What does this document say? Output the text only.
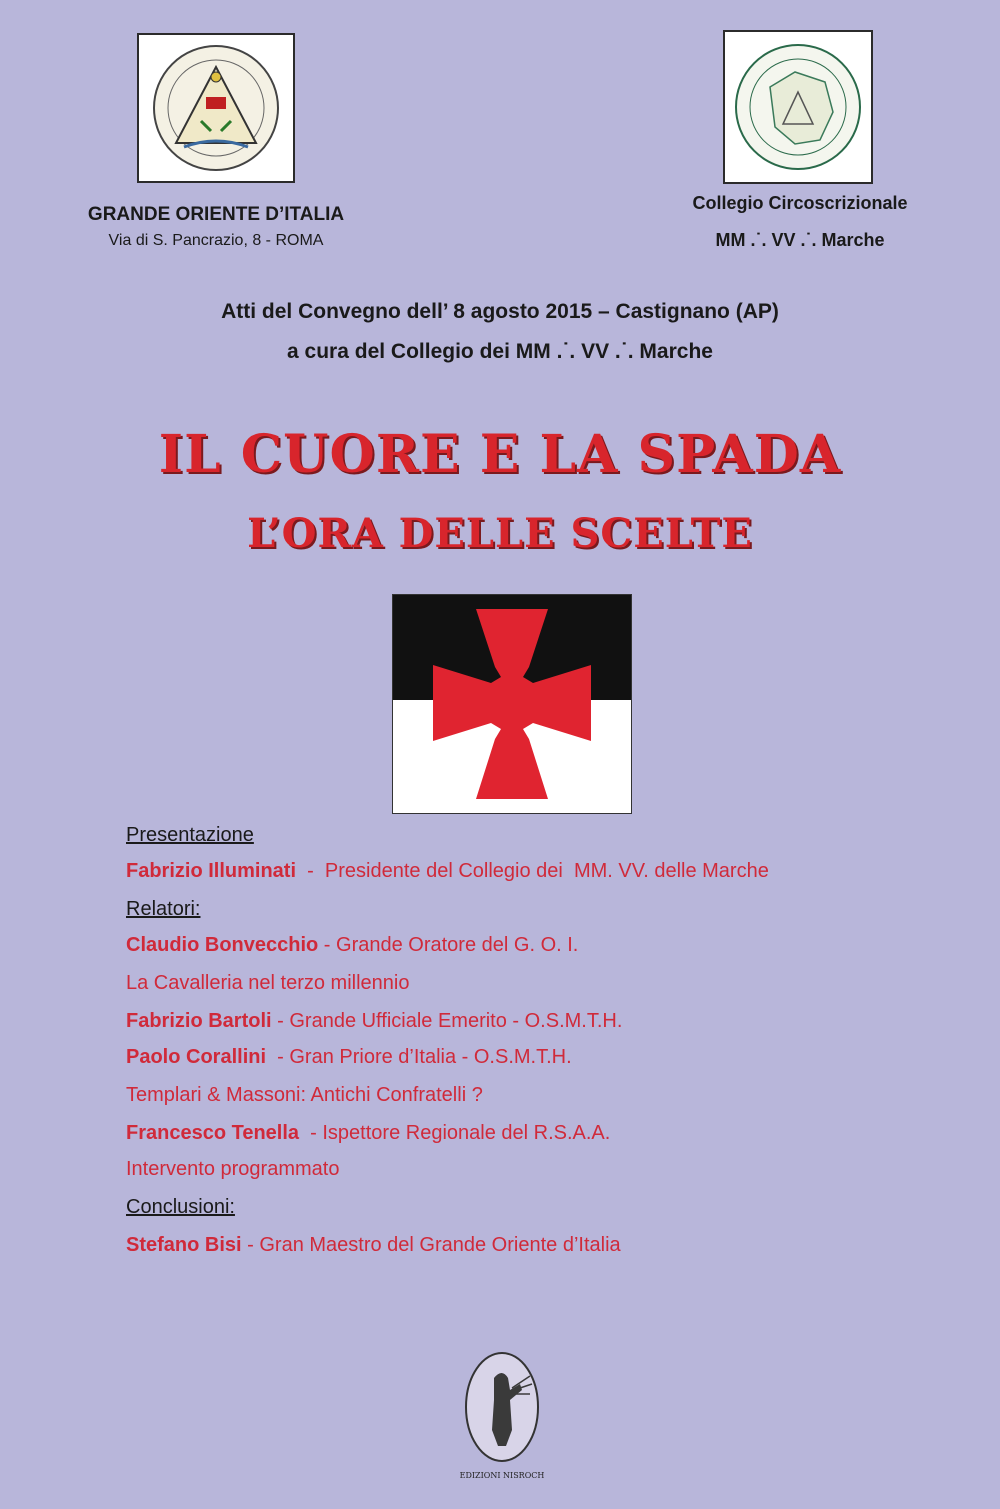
GRANDE ORIENTE D’ITALIA
Via di S. Pancrazio, 8 - ROMA
Collegio Circoscrizionale
MM .˙. VV .˙. Marche
Atti del Convegno dell’ 8 agosto 2015 – Castignano (AP)
a cura del Collegio dei MM .˙. VV .˙. Marche
IL CUORE E LA SPADA
L’ORA DELLE SCELTE
Presentazione
Fabrizio Illuminati  -  Presidente del Collegio dei  MM. VV. delle Marche
Relatori:
Claudio Bonvecchio - Grande Oratore del G. O. I.
La Cavalleria nel terzo millennio
Fabrizio Bartoli - Grande Ufficiale Emerito - O.S.M.T.H.
Paolo Corallini  - Gran Priore d’Italia - O.S.M.T.H.
Templari & Massoni: Antichi Confratelli ?
Francesco Tenella  - Ispettore Regionale del R.S.A.A.
Intervento programmato
Conclusioni:
Stefano Bisi - Gran Maestro del Grande Oriente d’Italia
EDIZIONI NISROCH
